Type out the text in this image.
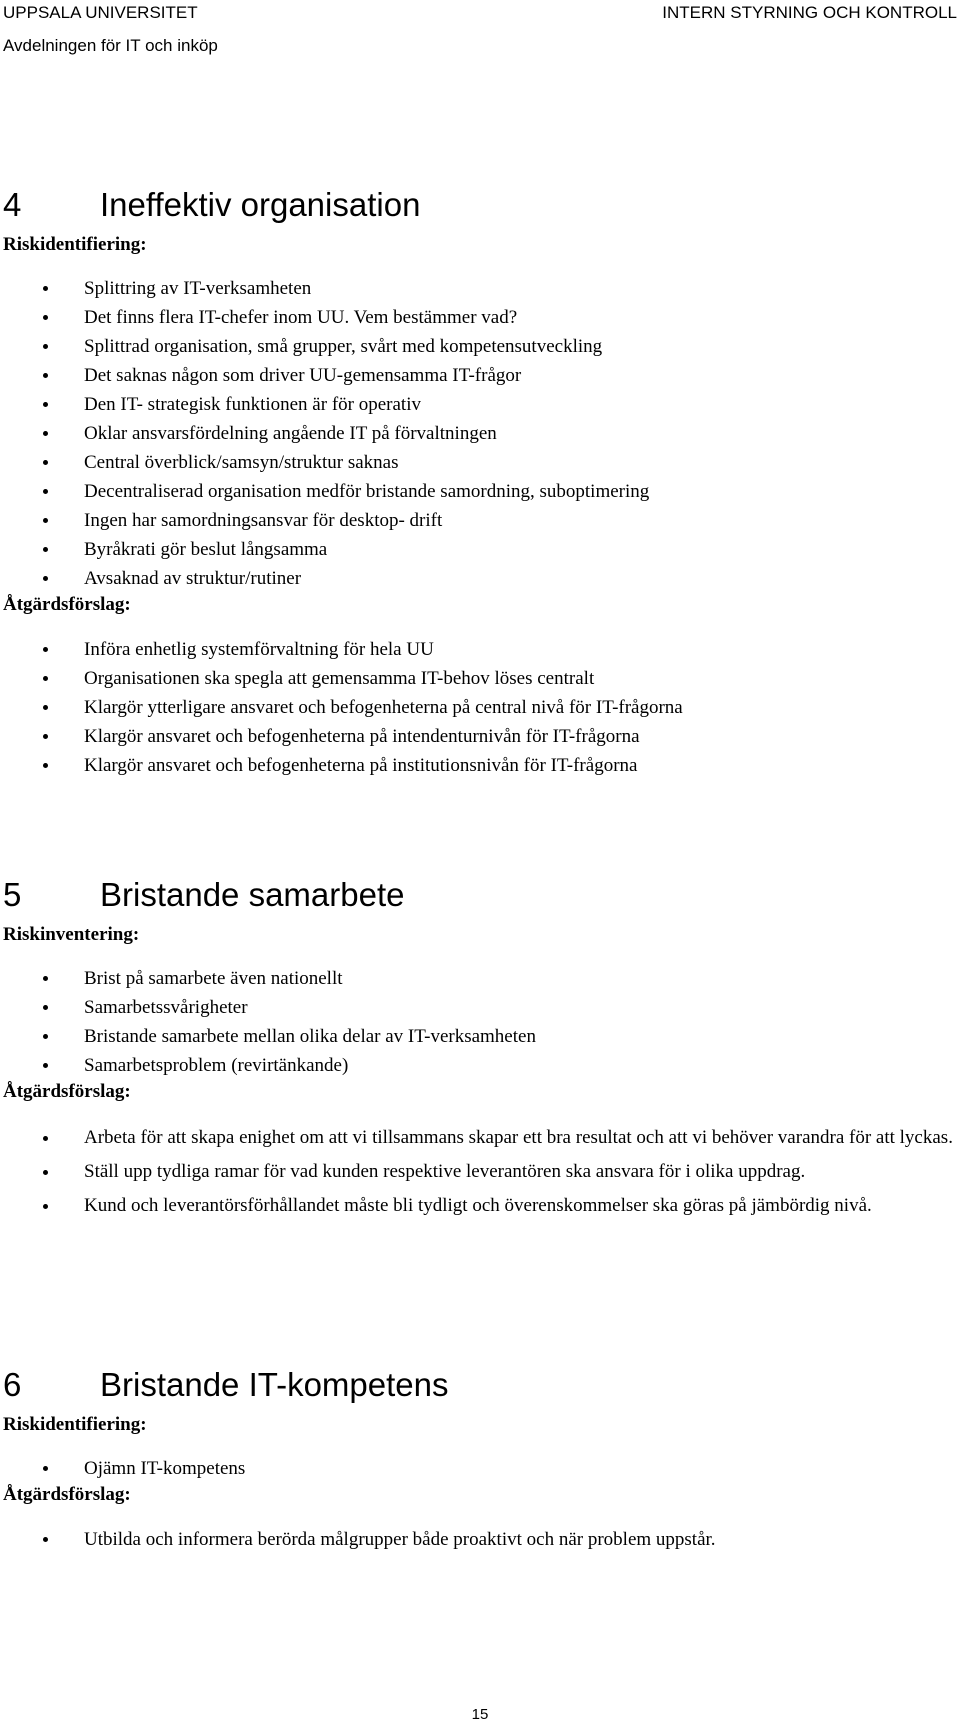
UPPSALA UNIVERSITET
Avdelningen för IT och inköp
INTERN STYRNING OCH KONTROLL
4 Ineffektiv organisation
Riskidentifiering:
Splittring av IT-verksamheten
Det finns flera IT-chefer inom UU. Vem bestämmer vad?
Splittrad organisation, små grupper, svårt med kompetensutveckling
Det saknas någon som driver UU-gemensamma IT-frågor
Den IT- strategisk funktionen är för operativ
Oklar ansvarsfördelning angående IT på förvaltningen
Central överblick/samsyn/struktur saknas
Decentraliserad organisation medför bristande samordning, suboptimering
Ingen har samordningsansvar för desktop- drift
Byråkrati gör beslut långsamma
Avsaknad av struktur/rutiner
Åtgärdsförslag:
Införa enhetlig systemförvaltning för hela UU
Organisationen ska spegla att gemensamma IT-behov löses centralt
Klargör ytterligare ansvaret och befogenheterna på central nivå för IT-frågorna
Klargör ansvaret och befogenheterna på intendenturnivån för IT-frågorna
Klargör ansvaret och befogenheterna på institutionsnivån för IT-frågorna
5 Bristande samarbete
Riskinventering:
Brist på samarbete även nationellt
Samarbetssvårigheter
Bristande samarbete mellan olika delar av IT-verksamheten
Samarbetsproblem (revirtänkande)
Åtgärdsförslag:
Arbeta för att skapa enighet om att vi tillsammans skapar ett bra resultat och att vi behöver varandra för att lyckas.
Ställ upp tydliga ramar för vad kunden respektive leverantören ska ansvara för i olika uppdrag.
Kund och leverantörsförhållandet måste bli tydligt och överenskommelser ska göras på jämbördig nivå.
6 Bristande IT-kompetens
Riskidentifiering:
Ojämn IT-kompetens
Åtgärdsförslag:
Utbilda och informera berörda målgrupper både proaktivt och när problem uppstår.
15
